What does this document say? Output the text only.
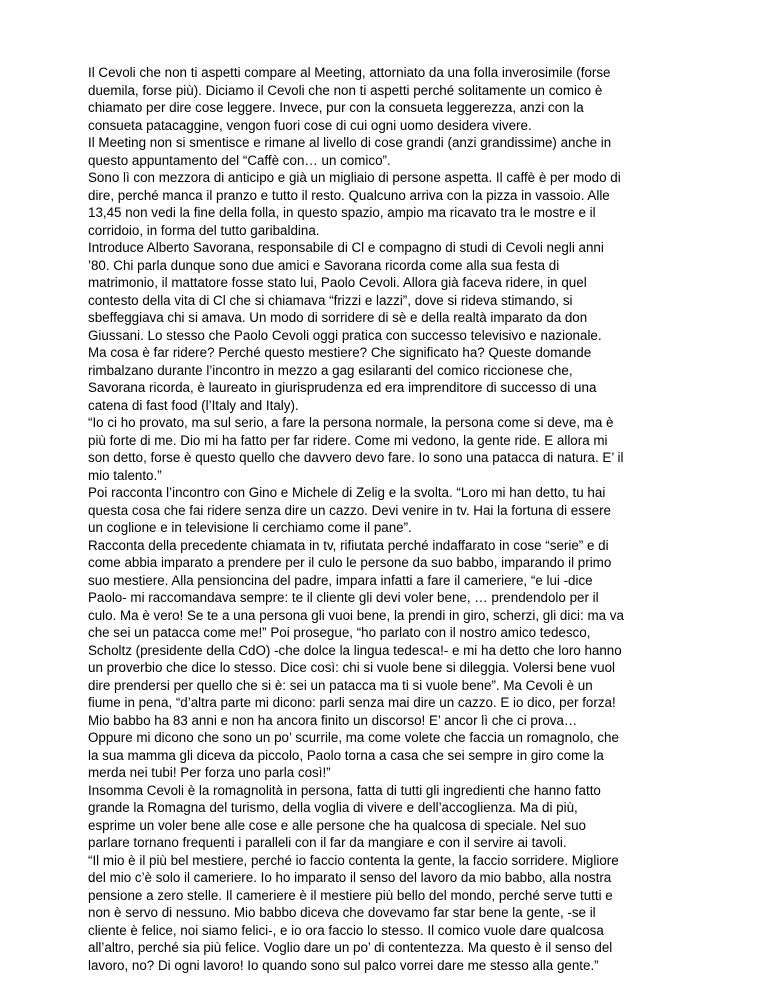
Il Cevoli che non ti aspetti compare al Meeting, attorniato da una folla inverosimile (forse
duemila, forse più). Diciamo il Cevoli che non ti aspetti perché solitamente un comico è
chiamato per dire cose leggere. Invece, pur con la consueta leggerezza, anzi con la
consueta patacaggine, vengon fuori cose di cui ogni uomo desidera vivere.
Il Meeting non si smentisce e rimane al livello di cose grandi (anzi grandissime) anche in
questo appuntamento del “Caffè con… un comico”.
Sono lì con mezzora di anticipo e già un migliaio di persone aspetta. Il caffè è per modo di
dire, perché manca il pranzo e tutto il resto. Qualcuno arriva con la pizza in vassoio. Alle
13,45 non vedi la fine della folla, in questo spazio, ampio ma ricavato tra le mostre e il
corridoio, in forma del tutto garibaldina.
Introduce Alberto Savorana, responsabile di Cl e compagno di studi di Cevoli negli anni
’80. Chi parla dunque sono due amici e Savorana ricorda come alla sua festa di
matrimonio, il mattatore fosse stato lui, Paolo Cevoli. Allora già faceva ridere, in quel
contesto della vita di Cl che si chiamava “frizzi e lazzi”, dove si rideva stimando, si
sbeffeggiava chi si amava. Un modo di sorridere di sè e della realtà imparato da don
Giussani. Lo stesso che Paolo Cevoli oggi pratica con successo televisivo e nazionale.
Ma cosa è far ridere? Perché questo mestiere? Che significato ha? Queste domande
rimbalzano durante l’incontro in mezzo a gag esilaranti del comico riccionese che,
Savorana ricorda, è laureato in giurisprudenza ed era imprenditore di successo di una
catena di fast food (l’Italy and Italy).
“Io ci ho provato, ma sul serio, a fare la persona normale, la persona come si deve, ma è
più forte di me. Dio mi ha fatto per far ridere. Come mi vedono, la gente ride. E allora mi
son detto, forse è questo quello che davvero devo fare. Io sono una patacca di natura. E’ il
mio talento.”
Poi racconta l’incontro con Gino e Michele di Zelig e la svolta. “Loro mi han detto, tu hai
questa cosa che fai ridere senza dire un cazzo. Devi venire in tv. Hai la fortuna di essere
un coglione e in televisione li cerchiamo come il pane”.
Racconta della precedente chiamata in tv, rifiutata perché indaffarato in cose “serie” e di
come abbia imparato a prendere per il culo le persone da suo babbo, imparando il primo
suo mestiere. Alla pensioncina del padre, impara infatti a fare il cameriere, “e lui -dice
Paolo- mi raccomandava sempre: te il cliente gli devi voler bene, … prendendolo per il
culo. Ma è vero! Se te a una persona gli vuoi bene, la prendi in giro, scherzi, gli dici: ma va
che sei un patacca come me!” Poi prosegue, “ho parlato con il nostro amico tedesco,
Scholtz (presidente della CdO) -che dolce la lingua tedesca!- e mi ha detto che loro hanno
un proverbio che dice lo stesso. Dice così: chi si vuole bene si dileggia. Volersi bene vuol
dire prendersi per quello che si è: sei un patacca ma ti si vuole bene”. Ma Cevoli è un
fiume in pena, “d’altra parte mi dicono: parli senza mai dire un cazzo. E io dico, per forza!
Mio babbo ha 83 anni e non ha ancora finito un discorso! E’ ancor lì che ci prova…
Oppure mi dicono che sono un po’ scurrile, ma come volete che faccia un romagnolo, che
la sua mamma gli diceva da piccolo, Paolo torna a casa che sei sempre in giro come la
merda nei tubi! Per forza uno parla così!”
Insomma Cevoli è la romagnolità in persona, fatta di tutti gli ingredienti che hanno fatto
grande la Romagna del turismo, della voglia di vivere e dell’accoglienza. Ma di più,
esprime un voler bene alle cose e alle persone che ha qualcosa di speciale. Nel suo
parlare tornano frequenti i paralleli con il far da mangiare e con il servire ai tavoli.
“Il mio è il più bel mestiere, perché io faccio contenta la gente, la faccio sorridere. Migliore
del mio c’è solo il cameriere. Io ho imparato il senso del lavoro da mio babbo, alla nostra
pensione a zero stelle. Il cameriere è il mestiere più bello del mondo, perché serve tutti e
non è servo di nessuno. Mio babbo diceva che dovevamo far star bene la gente, -se il
cliente è felice, noi siamo felici-, e io ora faccio lo stesso. Il comico vuole dare qualcosa
all’altro, perché sia più felice. Voglio dare un po’ di contentezza. Ma questo è il senso del
lavoro, no? Di ogni lavoro! Io quando sono sul palco vorrei dare me stesso alla gente.”
